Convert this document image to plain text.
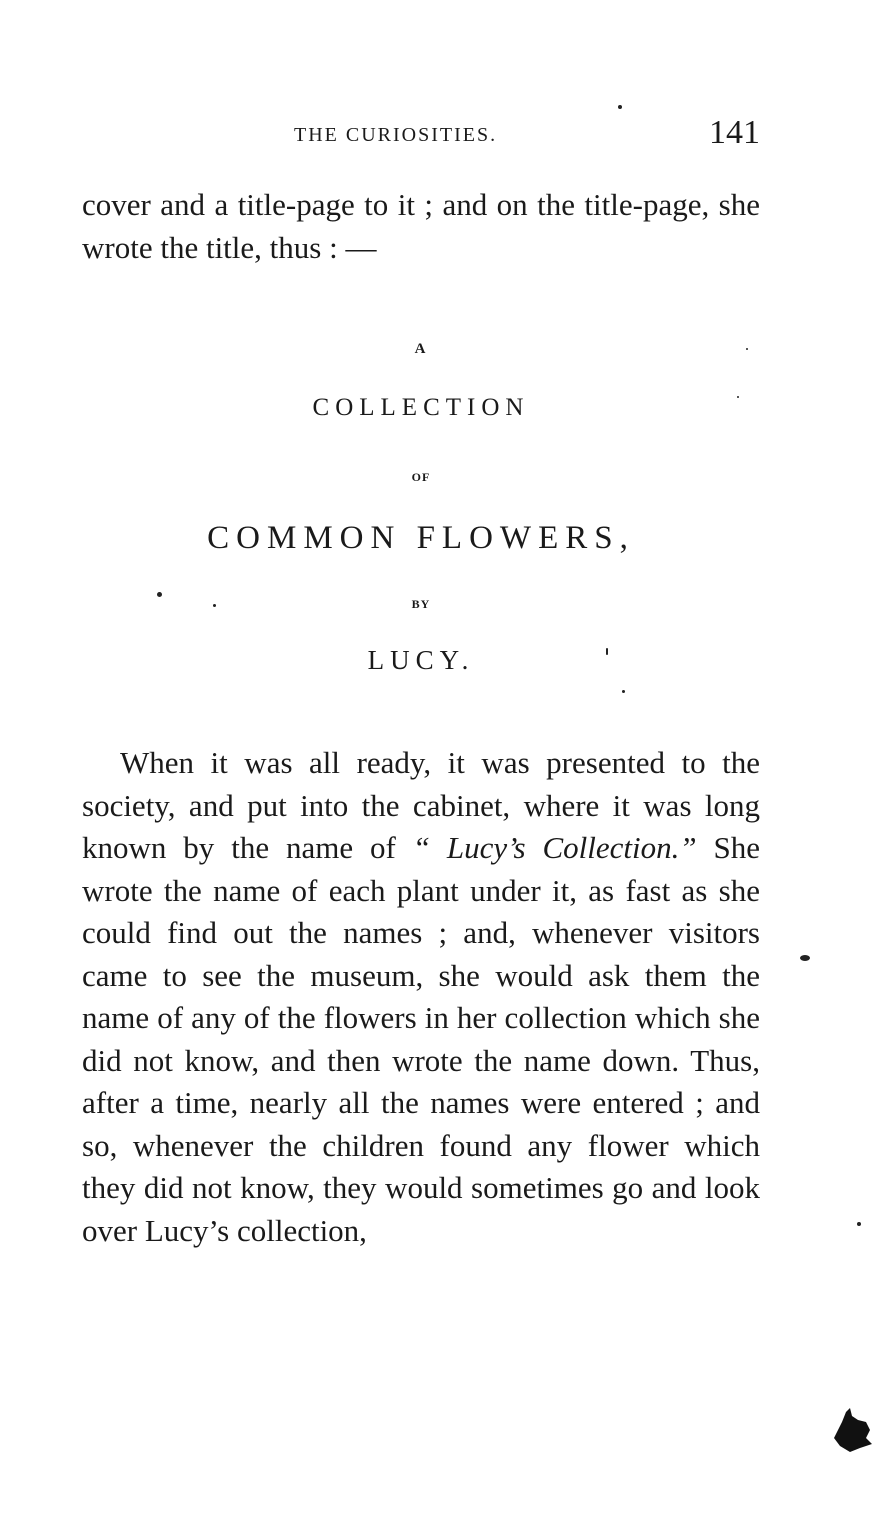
THE CURIOSITIES.	141

cover and a title-page to it ; and on the title-page, she wrote the title, thus : —

A
COLLECTION
OF
COMMON FLOWERS,
BY
LUCY.

When it was all ready, it was presented to the society, and put into the cabinet, where it was long known by the name of “ Lucy’s Collection.” She wrote the name of each plant under it, as fast as she could find out the names ; and, whenever visitors came to see the museum, she would ask them the name of any of the flowers in her collection which she did not know, and then wrote the name down. Thus, after a time, nearly all the names were entered ; and so, whenever the children found any flower which they did not know, they would sometimes go and look over Lucy’s collection,
